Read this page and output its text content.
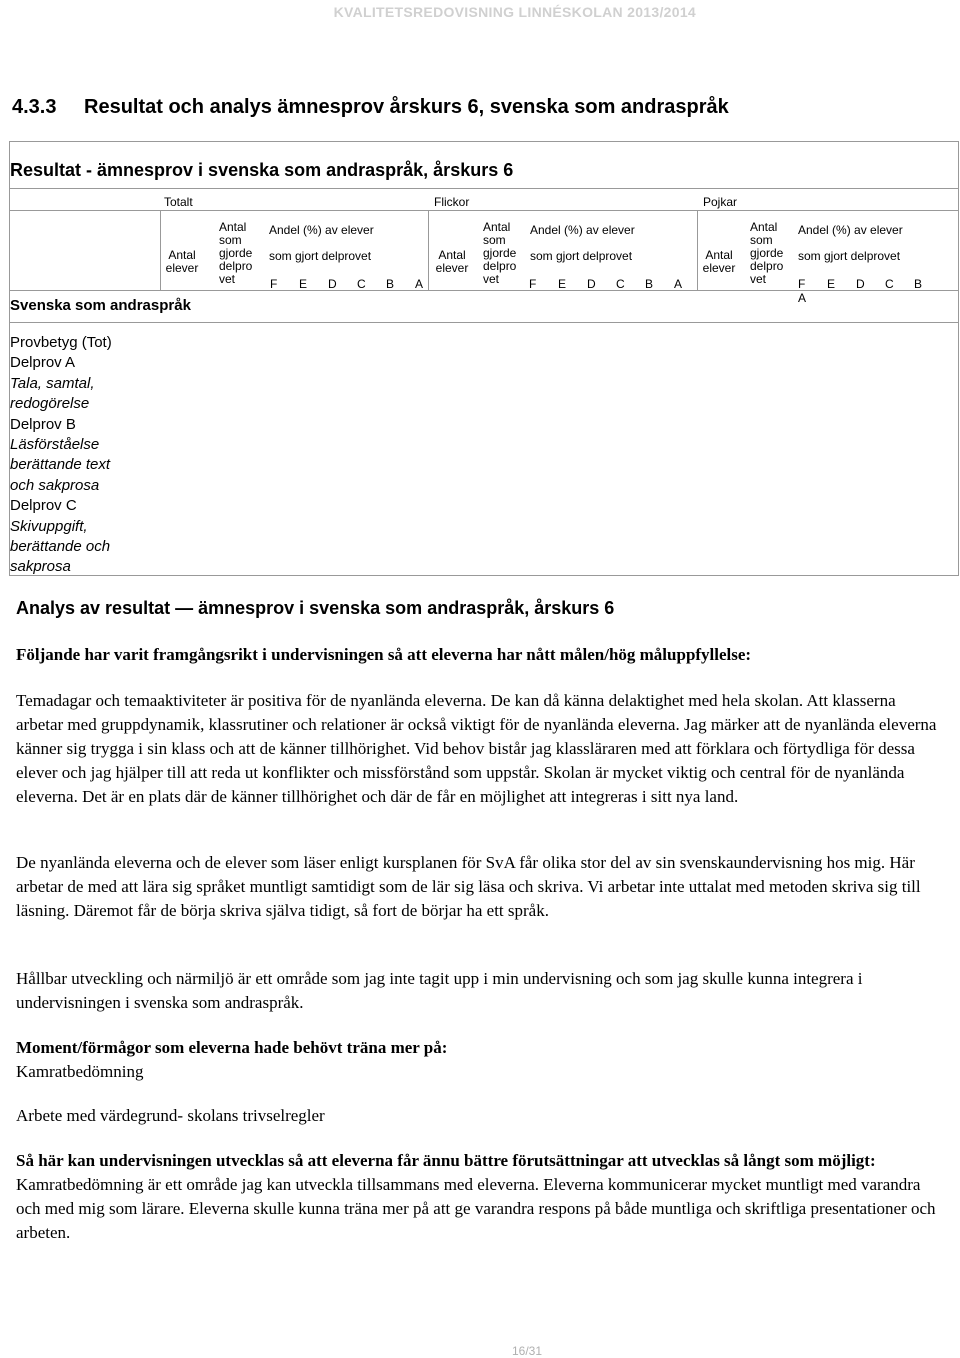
KVALITETSREDOVISNING LINNÉSKOLAN 2013/2014
4.3.3 Resultat och analys ämnesprov årskurs 6, svenska som andraspråk
Resultat - ämnesprov i svenska som andraspråk, årskurs 6
Totalt	Flickor	Pojkar
Antal
elever
Antal
som
gjorde
delpro
vet
Andel (%) av elever
som gjort delprovet
F E D C B A
Antal
elever
Antal
som
gjorde
delpro
vet
Andel (%) av elever
som gjort delprovet
F E D C B A
Antal
elever
Antal
som
gjorde
delpro
vet
Andel (%) av elever
som gjort delprovet
F E D C BA
Svenska som andraspråk
Provbetyg (Tot)
Delprov A
Tala, samtal,
redogörelse
Delprov B
Läsförståelse
berättande text
och sakprosa
Delprov C
Skivuppgift,
berättande och
sakprosa
Analys av resultat — ämnesprov i svenska som andraspråk, årskurs 6

Följande har varit framgångsrikt i undervisningen så att eleverna har nått målen/hög måluppfyllelse:

Temadagar och temaaktiviteter är positiva för de nyanlända eleverna. De kan då känna delaktighet med hela skolan. Att klasserna arbetar med gruppdynamik, klassrutiner och relationer är också viktigt för de nyanlända eleverna. Jag märker att de nyanlända eleverna känner sig trygga i sin klass och att de känner tillhörighet. Vid behov bistår jag klassläraren med att förklara och förtydliga för dessa elever och jag hjälper till att reda ut konflikter och missförstånd som uppstår. Skolan är mycket viktig och central för de nyanlända eleverna. Det är en plats där de känner tillhörighet och där de får en möjlighet att integreras i sitt nya land.

De nyanlända eleverna och de elever som läser enligt kursplanen för SvA får olika stor del av sin svenskaundervisning hos mig. Här arbetar de med att lära sig språket muntligt samtidigt som de lär sig läsa och skriva. Vi arbetar inte uttalat med metoden skriva sig till läsning. Däremot får de börja skriva själva tidigt, så fort de börjar ha ett språk.

Hållbar utveckling och närmiljö är ett område som jag inte tagit upp i min undervisning och som jag skulle kunna integrera i undervisningen i svenska som andraspråk.

Moment/förmågor som eleverna hade behövt träna mer på:

Kamratbedömning

Arbete med värdegrund- skolans trivselregler

Så här kan undervisningen utvecklas så att eleverna får ännu bättre förutsättningar att utvecklas så långt som möjligt:

Kamratbedömning är ett område jag kan utveckla tillsammans med eleverna. Eleverna kommunicerar mycket muntligt med varandra och med mig som lärare. Eleverna skulle kunna träna mer på att ge varandra respons på både muntliga och skriftliga presentationer och arbeten.

16/31
